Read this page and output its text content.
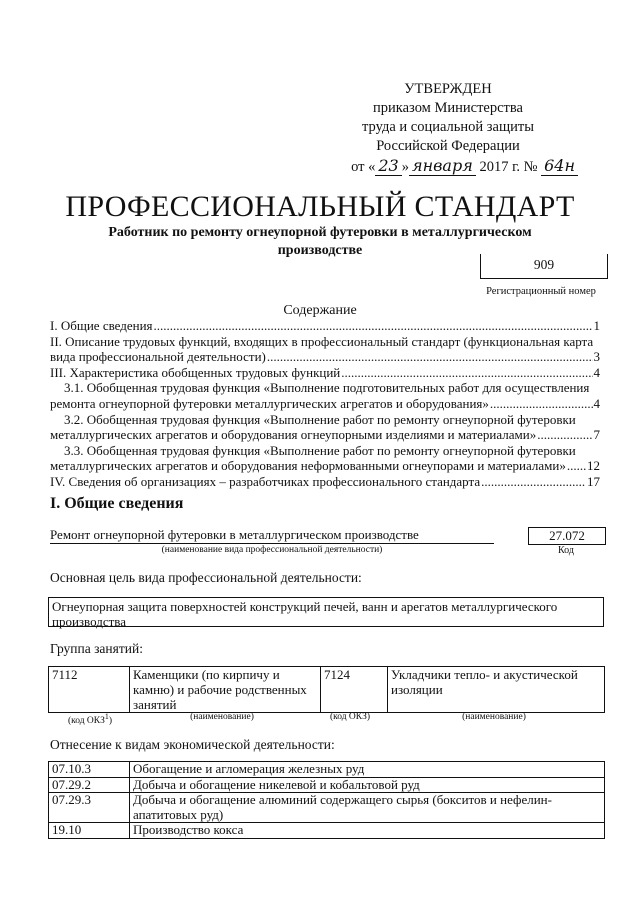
УТВЕРЖДЕН
приказом Министерства
труда и социальной защиты
Российской Федерации
от « 23 » января 2017 г. № 64н
ПРОФЕССИОНАЛЬНЫЙ СТАНДАРТ
Работник по ремонту огнеупорной футеровки в металлургическом производстве
909
Регистрационный номер
Содержание
I. Общие сведения .....	1
II. Описание трудовых функций, входящих в профессиональный стандарт (функциональная карта
вида профессиональной деятельности) .....	3
III. Характеристика обобщенных трудовых функций .....	4
3.1. Обобщенная трудовая функция «Выполнение подготовительных работ для осуществления
ремонта огнеупорной футеровки металлургических агрегатов и оборудования» .....	4
3.2. Обобщенная трудовая функция «Выполнение работ по ремонту огнеупорной футеровки
металлургических агрегатов и оборудования огнеупорными изделиями и материалами» .....	7
3.3. Обобщенная трудовая функция «Выполнение работ по ремонту огнеупорной футеровки
металлургических агрегатов и оборудования неформованными огнеупорами и материалами» ..... 12
IV. Сведения об организациях – разработчиках профессионального стандарта .....	17
I. Общие сведения
Ремонт огнеупорной футеровки в металлургическом производстве
(наименование вида профессиональной деятельности)
27.072
Код
Основная цель вида профессиональной деятельности:
Огнеупорная защита поверхностей конструкций печей, ванн и арегатов металлургического производства
Группа занятий:
7112	Каменщики (по кирпичу и камню) и рабочие родственных занятий	7124	Укладчики тепло- и акустической изоляции
(код ОКЗ$^1$)	(наименование)	(код ОКЗ)	(наименование)
Отнесение к видам экономической деятельности:
07.10.3	Обогащение и агломерация железных руд
07.29.2	Добыча и обогащение никелевой и кобальтовой руд
07.29.3	Добыча и обогащение алюминий содержащего сырья (бокситов и нефелин-апатитовых руд)
19.10	Производство кокса
